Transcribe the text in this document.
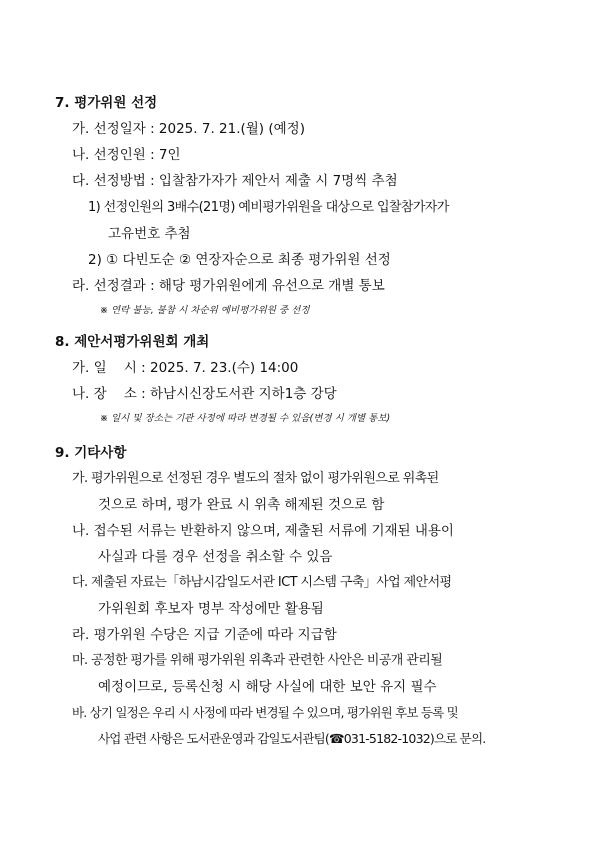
7. 평가위원 선정
가. 선정일자 : 2025. 7. 21.(월) (예정)
나. 선정인원 : 7인
다. 선정방법 : 입찰참가자가 제안서 제출 시 7명씩 추첨
1) 선정인원의 3배수(21명) 예비평가위원을 대상으로 입찰참가자가
고유번호 추첨
2) ① 다빈도순 ② 연장자순으로 최종 평가위원 선정
라. 선정결과 : 해당 평가위원에게 유선으로 개별 통보
※ 연락 불능, 불참 시 차순위 예비평가위원 중 선정
8. 제안서평가위원회 개최
가. 일    시 : 2025. 7. 23.(수) 14:00
나. 장    소 : 하남시신장도서관 지하1층 강당
※ 일시 및 장소는 기관 사정에 따라 변경될 수 있음(변경 시 개별 통보)
9. 기타사항
가. 평가위원으로 선정된 경우 별도의 절차 없이 평가위원으로 위촉된
것으로 하며, 평가 완료 시 위촉 해제된 것으로 함
나. 접수된 서류는 반환하지 않으며, 제출된 서류에 기재된 내용이
사실과 다를 경우 선정을 취소할 수 있음
다. 제출된 자료는「하남시감일도서관 ICT 시스템 구축」사업 제안서평
가위원회 후보자 명부 작성에만 활용됨
라. 평가위원 수당은 지급 기준에 따라 지급함
마. 공정한 평가를 위해 평가위원 위촉과 관련한 사안은 비공개 관리될
예정이므로, 등록신청 시 해당 사실에 대한 보안 유지 필수
바. 상기 일정은 우리 시 사정에 따라 변경될 수 있으며, 평가위원 후보 등록 및
사업 관련 사항은 도서관운영과 감일도서관팀(☎031-5182-1032)으로 문의.
